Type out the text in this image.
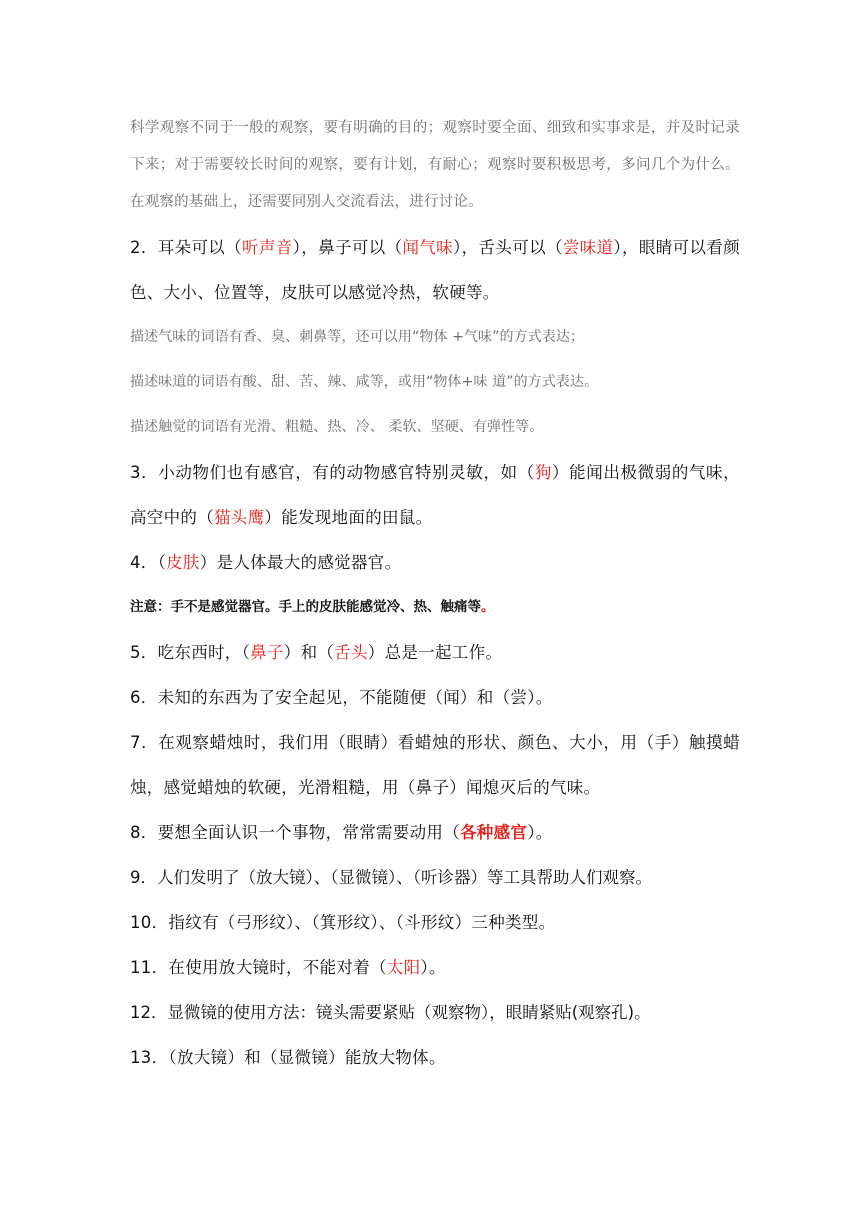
科学观察不同于一般的观察，要有明确的目的；观察时要全面、细致和实事求是，并及时记录下来；对于需要较长时间的观察，要有计划，有耐心；观察时要积极思考，多问几个为什么。在观察的基础上，还需要同别人交流看法，进行讨论。

2．耳朵可以（听声音），鼻子可以（闻气味），舌头可以（尝味道），眼睛可以看颜色、大小、位置等，皮肤可以感觉冷热，软硬等。

描述气味的词语有香、臭、刺鼻等，还可以用“物体 +气味”的方式表达；

描述味道的词语有酸、甜、苦、辣、咸等，或用“物体+味 道”的方式表达。

描述触觉的词语有光滑、粗糙、热、冷、 柔软、坚硬、有弹性等。

3．小动物们也有感官，有的动物感官特别灵敏，如（狗）能闻出极微弱的气味，高空中的（猫头鹰）能发现地面的田鼠。

4．（皮肤）是人体最大的感觉器官。

注意：手不是感觉器官。手上的皮肤能感觉冷、热、触痛等。

5．吃东西时，（鼻子）和（舌头）总是一起工作。

6．未知的东西为了安全起见，不能随便（闻）和（尝）。

7．在观察蜡烛时，我们用（眼睛）看蜡烛的形状、颜色、大小，用（手）触摸蜡烛，感觉蜡烛的软硬，光滑粗糙，用（鼻子）闻熄灭后的气味。

8．要想全面认识一个事物，常常需要动用（各种感官）。

9．人们发明了（放大镜）、（显微镜）、（听诊器）等工具帮助人们观察。

10．指纹有（弓形纹）、（箕形纹）、（斗形纹）三种类型。

11．在使用放大镜时，不能对着（太阳）。

12．显微镜的使用方法：镜头需要紧贴（观察物），眼睛紧贴(观察孔)。

13．（放大镜）和（显微镜）能放大物体。
